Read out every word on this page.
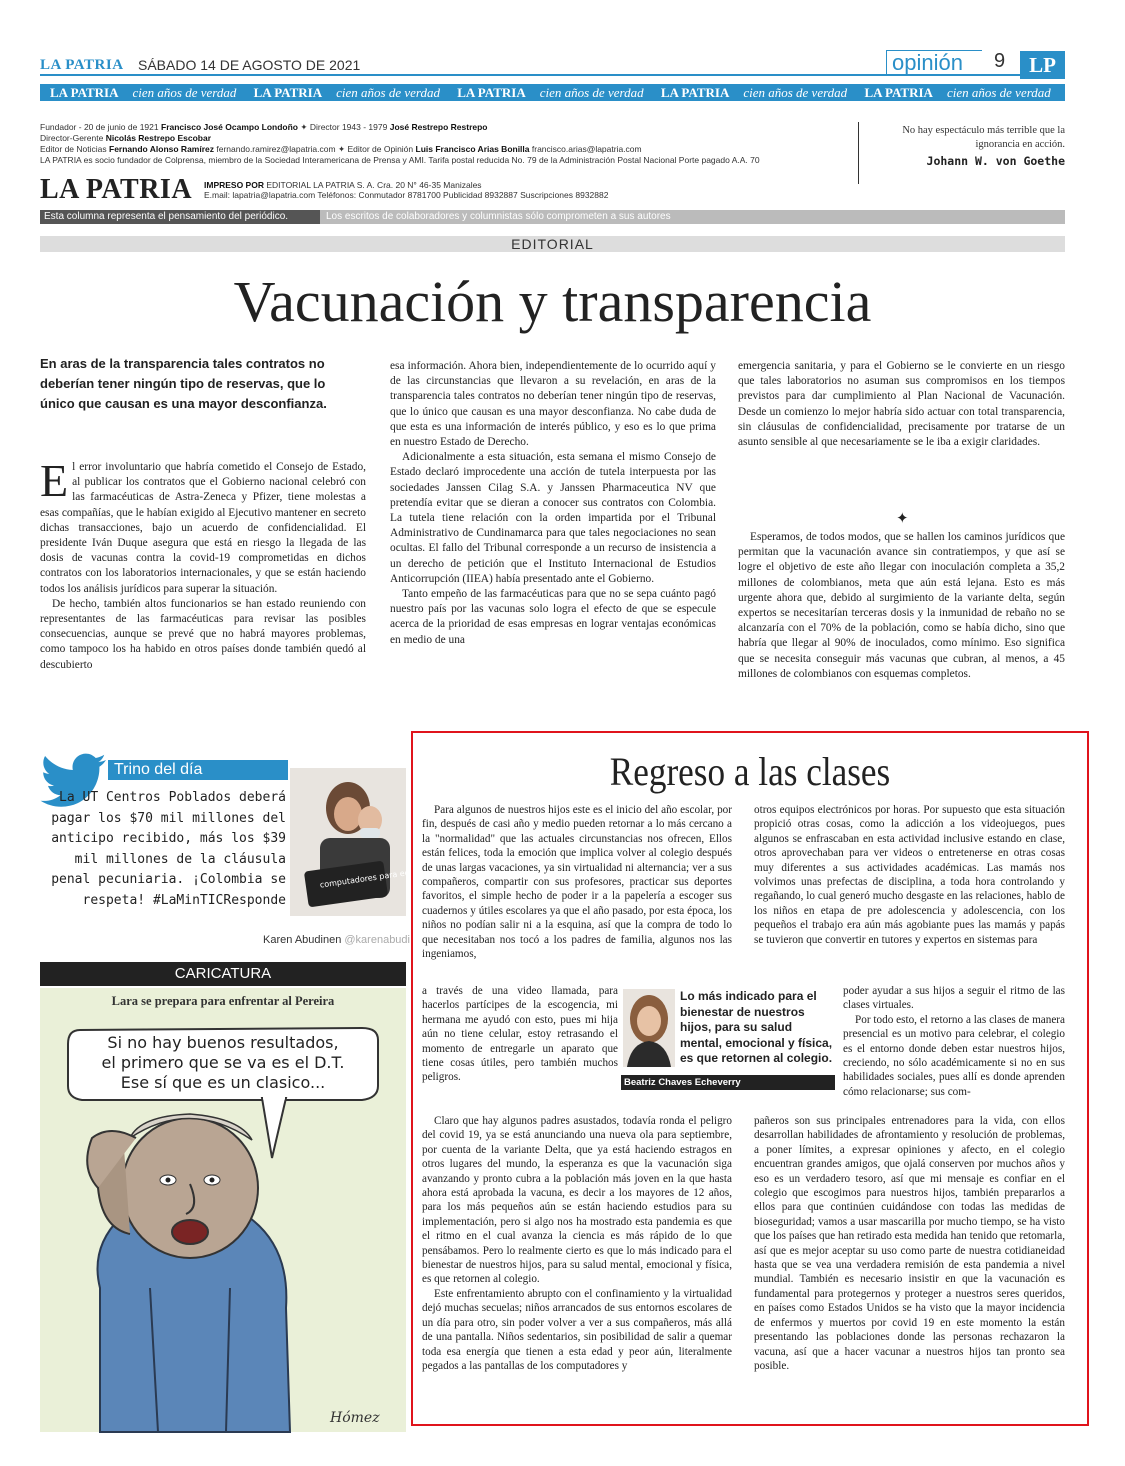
LA PATRIA SÁBADO 14 DE AGOSTO DE 2021	opinión 9	LP
LA PATRIA cien años de verdad LA PATRIA cien años de verdad LA PATRIA cien años de verdad LA PATRIA cien años de verdad LA PATRIA cien años de verdad
Fundador - 20 de junio de 1921 Francisco José Ocampo Londoño ✦ Director 1943 - 1979 José Restrepo Restrepo
Director-Gerente Nicolás Restrepo Escobar
Editor de Noticias Fernando Alonso Ramírez fernando.ramirez@lapatria.com ✦ Editor de Opinión Luis Francisco Arias Bonilla francisco.arias@lapatria.com
LA PATRIA es socio fundador de Colprensa, miembro de la Sociedad Interamericana de Prensa y AMI. Tarifa postal reducida No. 79 de la Administración Postal Nacional Porte pagado A.A. 70
No hay espectáculo más terrible que la ignorancia en acción.
Johann W. von Goethe
LA PATRIA IMPRESO POR EDITORIAL LA PATRIA S. A. Cra. 20 N° 46-35 Manizales
E.mail: lapatria@lapatria.com Teléfonos: Conmutador 8781700 Publicidad 8932887 Suscripciones 8932882
Esta columna representa el pensamiento del periódico.	Los escritos de colaboradores y columnistas sólo comprometen a sus autores
EDITORIAL
Vacunación y transparencia
En aras de la transparencia tales contratos no deberían tener ningún tipo de reservas, que lo único que causan es una mayor desconfianza.

El error involuntario que habría cometido el Consejo de Estado, al publicar los contratos que el Gobierno nacional celebró con las farmacéuticas de Astra-Zeneca y Pfizer, tiene molestas a esas compañías, que le habían exigido al Ejecutivo mantener en secreto dichas transacciones, bajo un acuerdo de confidencialidad. El presidente Iván Duque asegura que está en riesgo la llegada de las dosis de vacunas contra la covid-19 comprometidas en dichos contratos con los laboratorios internacionales, y que se están haciendo todos los análisis jurídicos para superar la situación.

De hecho, también altos funcionarios se han estado reuniendo con representantes de las farmacéuticas para revisar las posibles consecuencias, aunque se prevé que no habrá mayores problemas, como tampoco los ha habido en otros países donde también quedó al descubierto

esa información. Ahora bien, independientemente de lo ocurrido aquí y de las circunstancias que llevaron a su revelación, en aras de la transparencia tales contratos no deberían tener ningún tipo de reservas, que lo único que causan es una mayor desconfianza. No cabe duda de que esta es una información de interés público, y eso es lo que prima en nuestro Estado de Derecho.

Adicionalmente a esta situación, esta semana el mismo Consejo de Estado declaró improcedente una acción de tutela interpuesta por las sociedades Janssen Cilag S.A. y Janssen Pharmaceutica NV que pretendía evitar que se dieran a conocer sus contratos con Colombia. La tutela tiene relación con la orden impartida por el Tribunal Administrativo de Cundinamarca para que tales negociaciones no sean ocultas. El fallo del Tribunal corresponde a un recurso de insistencia a un derecho de petición que el Instituto Internacional de Estudios Anticorrupción (IIEA) había presentado ante el Gobierno.

Tanto empeño de las farmacéuticas para que no se sepa cuánto pagó nuestro país por las vacunas solo logra el efecto de que se especule acerca de la prioridad de esas empresas en lograr ventajas económicas en medio de una

emergencia sanitaria, y para el Gobierno se le convierte en un riesgo que tales laboratorios no asuman sus compromisos en los tiempos previstos para dar cumplimiento al Plan Nacional de Vacunación. Desde un comienzo lo mejor habría sido actuar con total transparencia, sin cláusulas de confidencialidad, precisamente por tratarse de un asunto sensible al que necesariamente se le iba a exigir claridades.

✦

Esperamos, de todos modos, que se hallen los caminos jurídicos que permitan que la vacunación avance sin contratiempos, y que así se logre el objetivo de este año llegar con inoculación completa a 35,2 millones de colombianos, meta que aún está lejana. Esto es más urgente ahora que, debido al surgimiento de la variante delta, según expertos se necesitarían terceras dosis y la inmunidad de rebaño no se alcanzaría con el 70% de la población, como se había dicho, sino que habría que llegar al 90% de inoculados, como mínimo. Eso significa que se necesita conseguir más vacunas que cubran, al menos, a 45 millones de colombianos con esquemas completos.

Trino del día
La UT Centros Poblados deberá pagar los $70 mil millones del anticipo recibido, más los $39 mil millones de la cláusula penal pecuniaria. ¡Colombia se respeta! #LaMinTICResponde
computadores para educar
Karen Abudinen @karenabudi
CARICATURA
Si no hay buenos resultados,
el primero que se va es el D.T.
Ese sí que es un clasico...
Hómez
Lara se prepara para enfrentar al Pereira
Regreso a las clases

Para algunos de nuestros hijos este es el inicio del año escolar, por fin, después de casi año y medio pueden retornar a lo más cercano a la "normalidad" que las actuales circunstancias nos ofrecen, Ellos están felices, toda la emoción que implica volver al colegio después de unas largas vacaciones, ya sin virtualidad ni alternancia; ver a sus compañeros, compartir con sus profesores, practicar sus deportes favoritos, el simple hecho de poder ir a la papelería a escoger sus cuadernos y útiles escolares ya que el año pasado, por esta época, los niños no podían salir ni a la esquina, así que la compra de todo lo que necesitaban nos tocó a los padres de familia, algunos nos las ingeniamos,

a través de una video llamada, para hacerlos partícipes de la escogencia, mi hermana me ayudó con esto, pues mi hija aún no tiene celular, estoy retrasando el momento de entregarle un aparato que tiene cosas útiles, pero también muchos peligros.

Claro que hay algunos padres asustados, todavía ronda el peligro del covid 19, ya se está anunciando una nueva ola para septiembre, por cuenta de la variante Delta, que ya está haciendo estragos en otros lugares del mundo, la esperanza es que la vacunación siga avanzando y pronto cubra a la población más joven en la que hasta ahora está aprobada la vacuna, es decir a los mayores de 12 años, para los más pequeños aún se están haciendo estudios para su implementación, pero si algo nos ha mostrado esta pandemia es que el ritmo en el cual avanza la ciencia es más rápido de lo que pensábamos. Pero lo realmente cierto es que lo más indicado para el bienestar de nuestros hijos, para su salud mental, emocional y física, es que retornen al colegio.

Este enfrentamiento abrupto con el confinamiento y la virtualidad dejó muchas secuelas; niños arrancados de sus entornos escolares de un día para otro, sin poder volver a ver a sus compañeros, más allá de una pantalla. Niños sedentarios, sin posibilidad de salir a quemar toda esa energía que tienen a esta edad y peor aún, literalmente pegados a las pantallas de los computadores y

Lo más indicado para el bienestar de nuestros hijos, para su salud mental, emocional y física, es que retornen al colegio.
Beatriz Chaves Echeverry

otros equipos electrónicos por horas. Por supuesto que esta situación propició otras cosas, como la adicción a los videojuegos, pues algunos se enfrascaban en esta actividad inclusive estando en clase, otros aprovechaban para ver videos o entretenerse en otras cosas muy diferentes a sus actividades académicas. Las mamás nos volvimos unas prefectas de disciplina, a toda hora controlando y regañando, lo cual generó mucho desgaste en las relaciones, hablo de los niños en etapa de pre adolescencia y adolescencia, con los pequeños el trabajo era aún más agobiante pues las mamás y papás se tuvieron que convertir en tutores y expertos en sistemas para

poder ayudar a sus hijos a seguir el ritmo de las clases virtuales.

Por todo esto, el retorno a las clases de manera presencial es un motivo para celebrar, el colegio es el entorno donde deben estar nuestros hijos, creciendo, no sólo académicamente si no en sus habilidades sociales, pues allí es donde aprenden cómo relacionarse; sus com-

pañeros son sus principales entrenadores para la vida, con ellos desarrollan habilidades de afrontamiento y resolución de problemas, a poner límites, a expresar opiniones y afecto, en el colegio encuentran grandes amigos, que ojalá conserven por muchos años y eso es un verdadero tesoro, así que mi mensaje es confiar en el colegio que escogimos para nuestros hijos, también prepararlos a ellos para que continúen cuidándose con todas las medidas de bioseguridad; vamos a usar mascarilla por mucho tiempo, se ha visto que los países que han retirado esta medida han tenido que retomarla, así que es mejor aceptar su uso como parte de nuestra cotidianeidad hasta que se vea una verdadera remisión de esta pandemia a nivel mundial. También es necesario insistir en que la vacunación es fundamental para protegernos y proteger a nuestros seres queridos, en países como Estados Unidos se ha visto que la mayor incidencia de enfermos y muertos por covid 19 en este momento la están presentando las poblaciones donde las personas rechazaron la vacuna, así que a hacer vacunar a nuestros hijos tan pronto sea posible.
